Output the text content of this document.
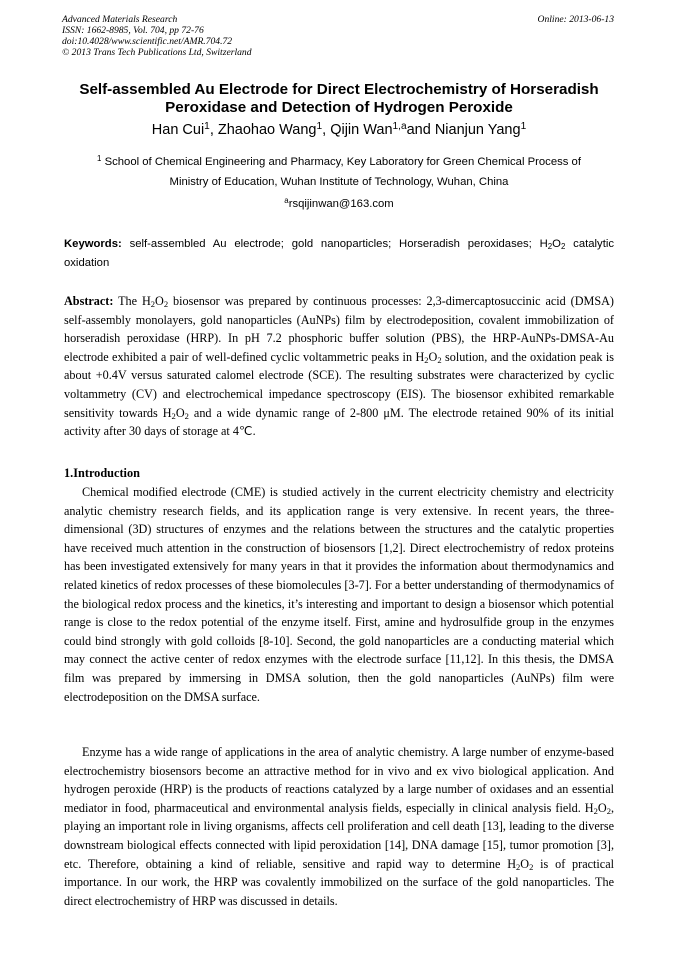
Advanced Materials Research
ISSN: 1662-8985, Vol. 704, pp 72-76
doi:10.4028/www.scientific.net/AMR.704.72
© 2013 Trans Tech Publications Ltd, Switzerland
Online: 2013-06-13
Self-assembled Au Electrode for Direct Electrochemistry of Horseradish
Peroxidase and Detection of Hydrogen Peroxide
Han Cui$^1$, Zhaohao Wang$^1$, Qijin Wan$^{1,a}$and Nianjun Yang$^1$
$^1$ School of Chemical Engineering and Pharmacy, Key Laboratory for Green Chemical Process of
Ministry of Education, Wuhan Institute of Technology, Wuhan, China
$^a$rsqijinwan@163.com
Keywords: self-assembled Au electrode; gold nanoparticles; Horseradish peroxidases; $H_2O_2$ catalytic oxidation

Abstract: The $H_2O_2$ biosensor was prepared by continuous processes: 2,3-dimercaptosuccinic acid (DMSA) self-assembly monolayers, gold nanoparticles (AuNPs) film by electrodeposition, covalent immobilization of horseradish peroxidase (HRP). In pH 7.2 phosphoric buffer solution (PBS), the HRP-AuNPs-DMSA-Au electrode exhibited a pair of well-defined cyclic voltammetric peaks in $H_2O_2$ solution, and the oxidation peak is about +0.4V versus saturated calomel electrode (SCE). The resulting substrates were characterized by cyclic voltammetry (CV) and electrochemical impedance spectroscopy (EIS). The biosensor exhibited remarkable sensitivity towards $H_2O_2$ and a wide dynamic range of 2-800 μM. The electrode retained 90% of its initial activity after 30 days of storage at 4℃.

1.Introduction

Chemical modified electrode (CME) is studied actively in the current electricity chemistry and electricity analytic chemistry research fields, and its application range is very extensive. In recent years, the three-dimensional (3D) structures of enzymes and the relations between the structures and the catalytic properties have received much attention in the construction of biosensors [1,2]. Direct electrochemistry of redox proteins has been investigated extensively for many years in that it provides the information about thermodynamics and related kinetics of redox processes of these biomolecules [3-7]. For a better understanding of thermodynamics of the biological redox process and the kinetics, it’s interesting and important to design a biosensor which potential range is close to the redox potential of the enzyme itself. First, amine and hydrosulfide group in the enzymes could bind strongly with gold colloids [8-10]. Second, the gold nanoparticles are a conducting material which may connect the active center of redox enzymes with the electrode surface [11,12]. In this thesis, the DMSA film was prepared by immersing in DMSA solution, then the gold nanoparticles (AuNPs) film were electrodeposition on the DMSA surface.

Enzyme has a wide range of applications in the area of analytic chemistry. A large number of enzyme-based electrochemistry biosensors become an attractive method for in vivo and ex vivo biological application. And hydrogen peroxide (HRP) is the products of reactions catalyzed by a large number of oxidases and an essential mediator in food, pharmaceutical and environmental analysis fields, especially in clinical analysis field. $H_2O_2$, playing an important role in living organisms, affects cell proliferation and cell death [13], leading to the diverse downstream biological effects connected with lipid peroxidation [14], DNA damage [15], tumor promotion [3], etc. Therefore, obtaining a kind of reliable, sensitive and rapid way to determine $H_2O_2$ is of practical importance. In our work, the HRP was covalently immobilized on the surface of the gold nanoparticles. The direct electrochemistry of HRP was discussed in details.
